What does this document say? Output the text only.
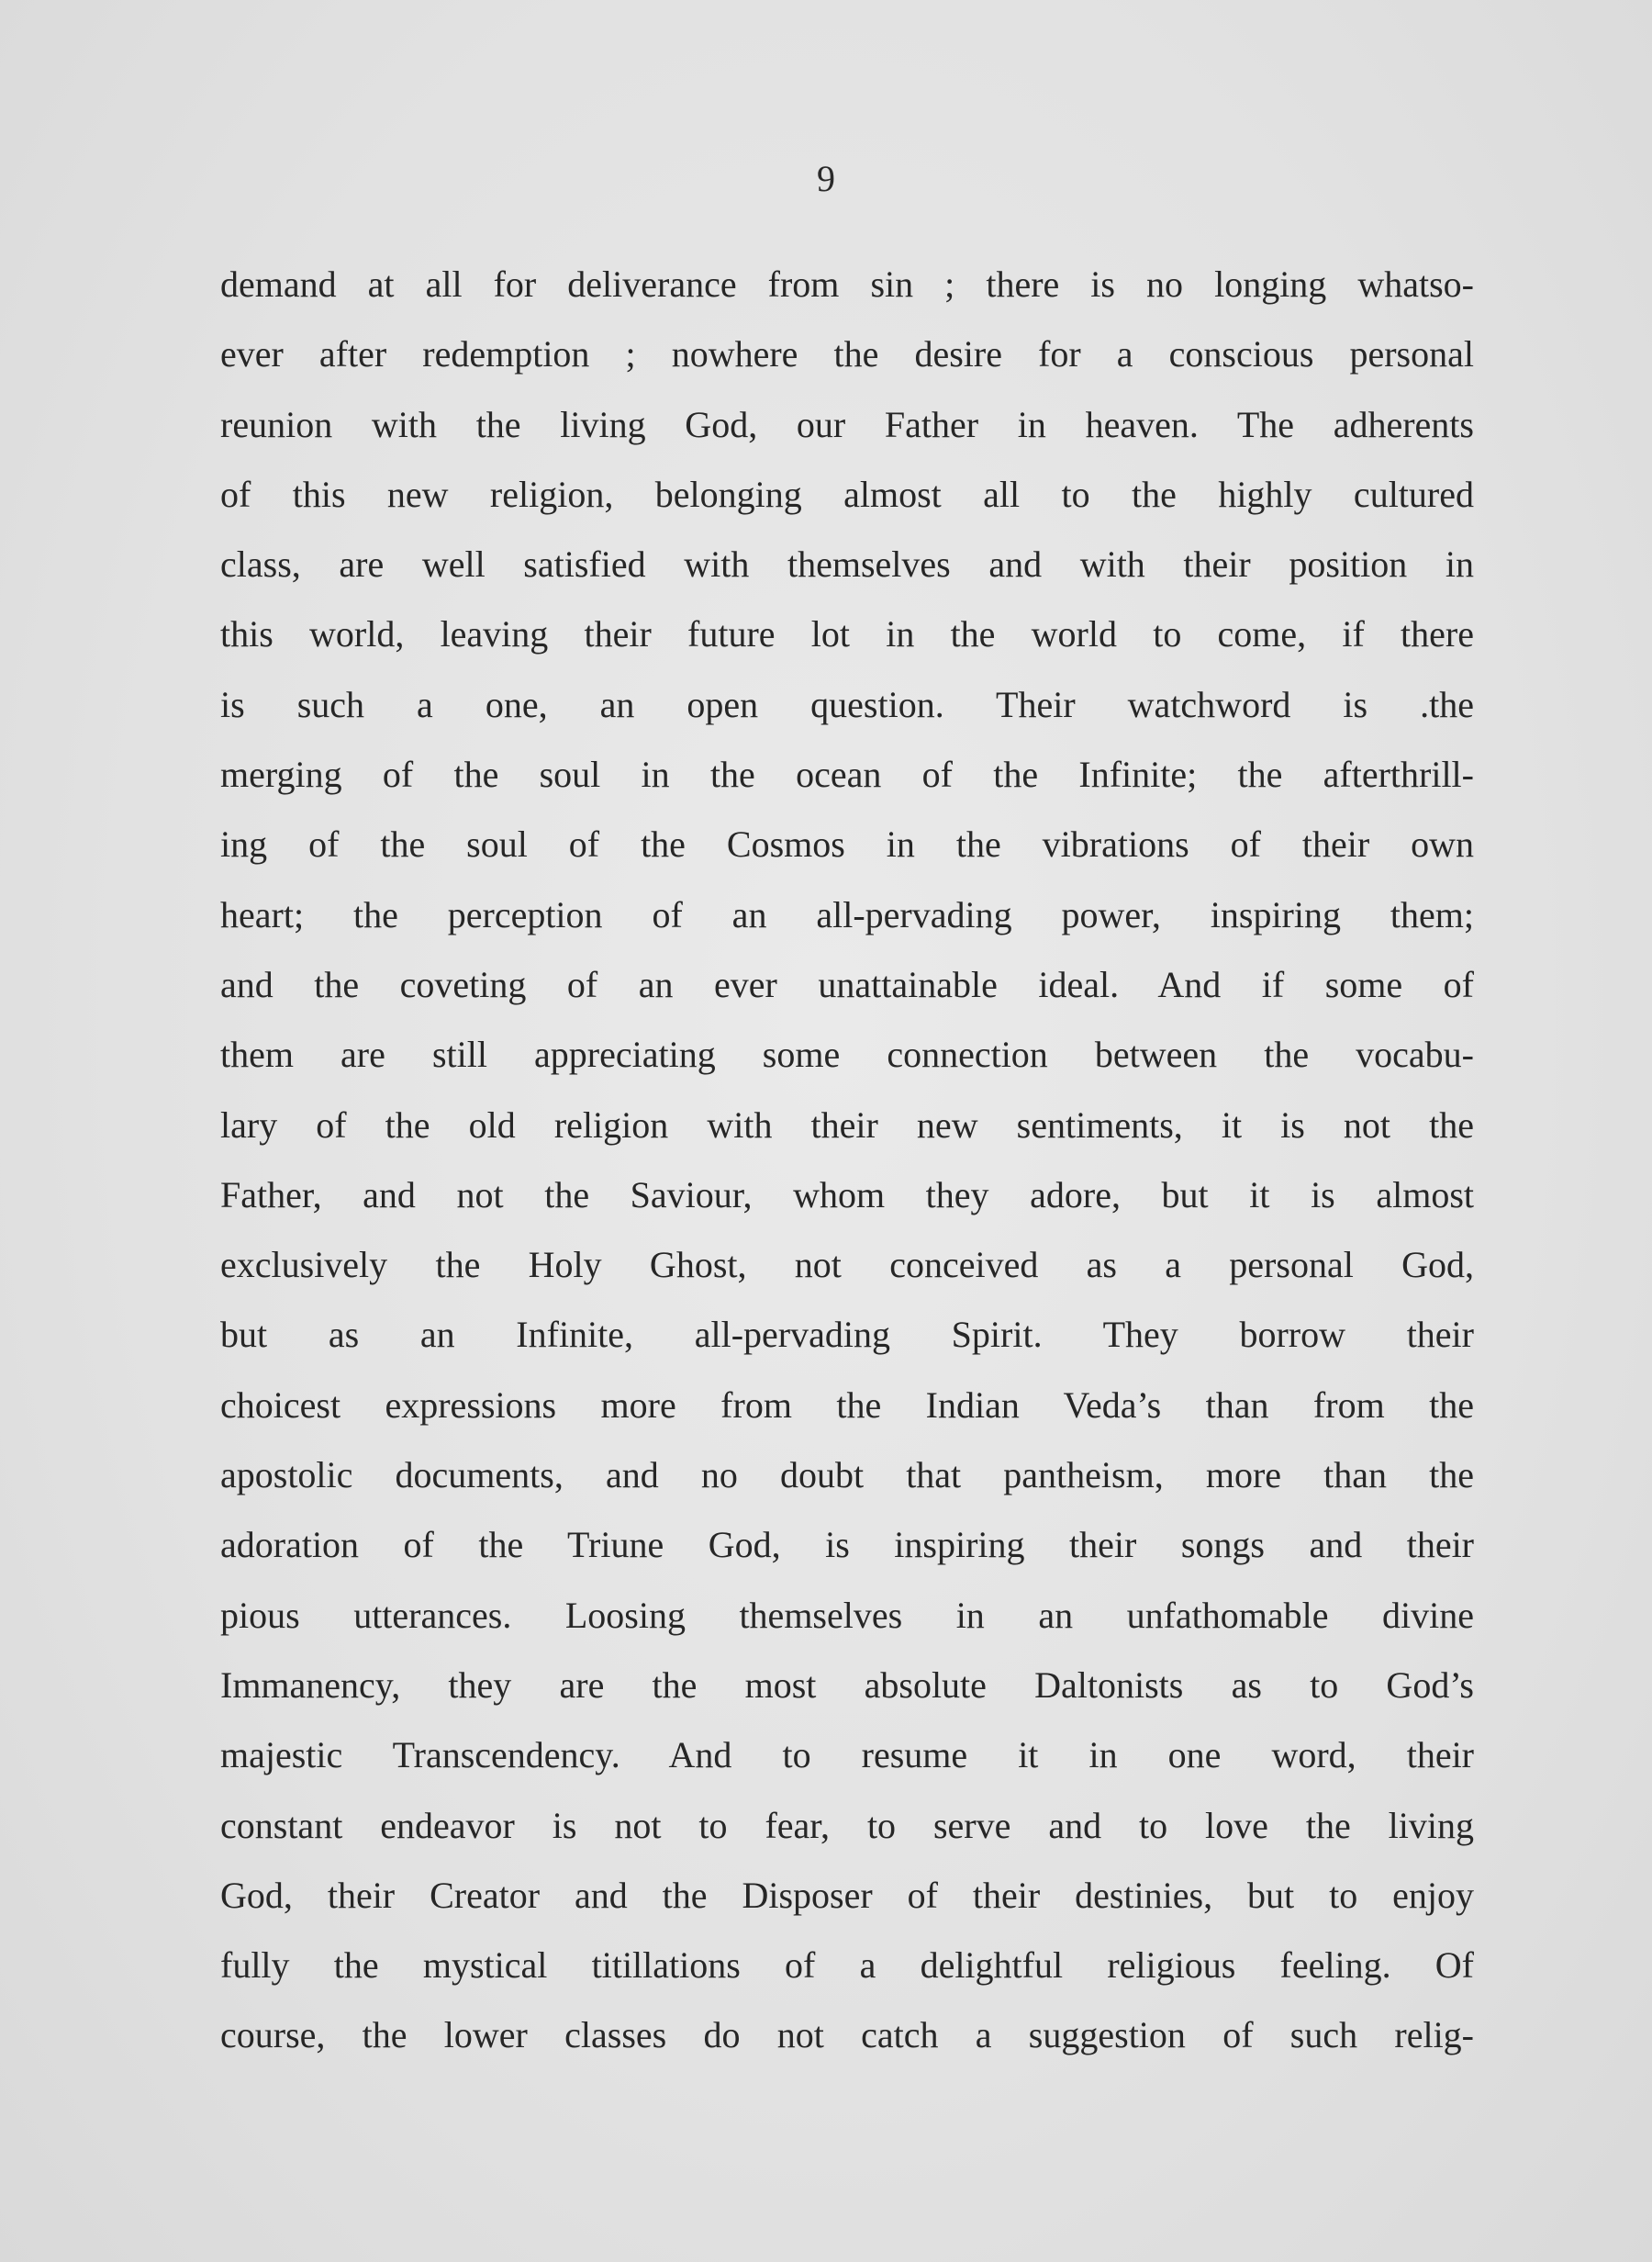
9
demand at all for deliverance from sin ; there is no longing whatso-
ever after redemption ; nowhere the desire for a conscious personal
reunion with the living God, our Father in heaven. The adherents
of this new religion, belonging almost all to the highly cultured
class, are well satisfied with themselves and with their position in
this world, leaving their future lot in the world to come, if there
is such a one, an open question. Their watchword is .the
merging of the soul in the ocean of the Infinite; the afterthrill-
ing of the soul of the Cosmos in the vibrations of their own
heart; the perception of an all-pervading power, inspiring them;
and the coveting of an ever unattainable ideal. And if some of
them are still appreciating some connection between the vocabu-
lary of the old religion with their new sentiments, it is not the
Father, and not the Saviour, whom they adore, but it is almost
exclusively the Holy Ghost, not conceived as a personal God,
but as an Infinite, all-pervading Spirit. They borrow their
choicest expressions more from the Indian Veda’s than from the
apostolic documents, and no doubt that pantheism, more than the
adoration of the Triune God, is inspiring their songs and their
pious utterances. Loosing themselves in an unfathomable divine
Immanency, they are the most absolute Daltonists as to God’s
majestic Transcendency. And to resume it in one word, their
constant endeavor is not to fear, to serve and to love the living
God, their Creator and the Disposer of their destinies, but to enjoy
fully the mystical titillations of a delightful religious feeling. Of
course, the lower classes do not catch a suggestion of such relig-
